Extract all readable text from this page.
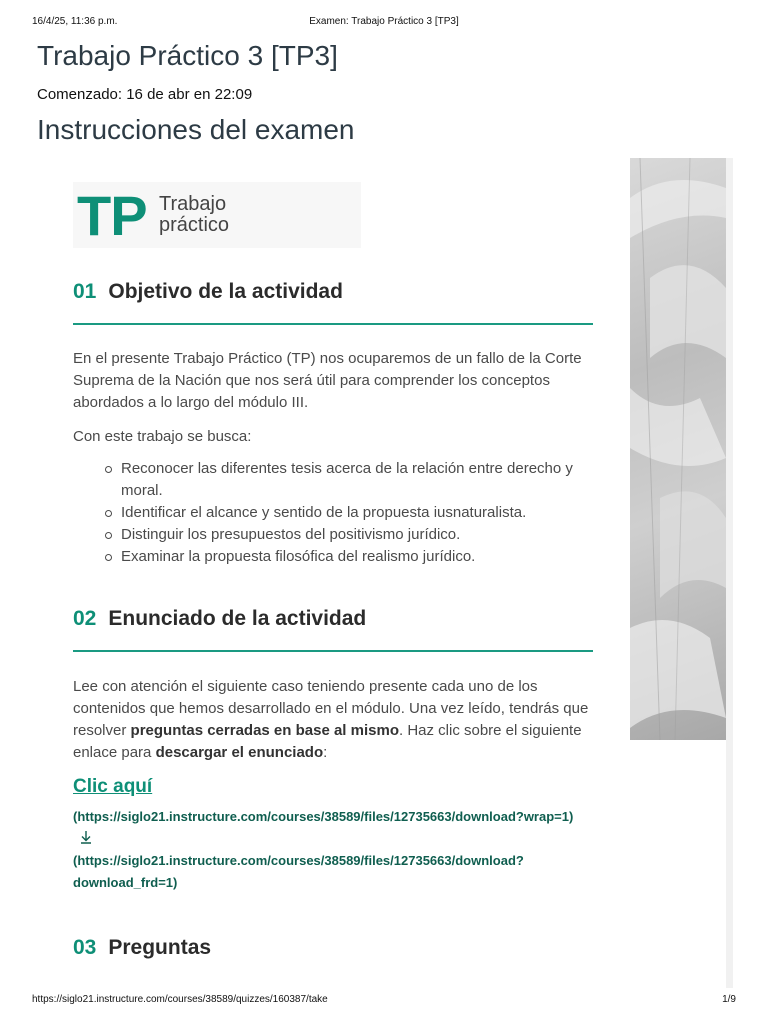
16/4/25, 11:36 p.m.	Examen: Trabajo Práctico 3 [TP3]
Trabajo Práctico 3 [TP3]

Comenzado: 16 de abr en 22:09

Instrucciones del examen
TP Trabajo
práctico
01 Objetivo de la actividad

En el presente Trabajo Práctico (TP) nos ocuparemos de un fallo de la Corte Suprema de la Nación que nos será útil para comprender los conceptos abordados a lo largo del módulo III.

Con este trabajo se busca:

Reconocer las diferentes tesis acerca de la relación entre derecho y moral.
Identificar el alcance y sentido de la propuesta iusnaturalista.
Distinguir los presupuestos del positivismo jurídico.
Examinar la propuesta filosófica del realismo jurídico.
02 Enunciado de la actividad

Lee con atención el siguiente caso teniendo presente cada uno de los contenidos que hemos desarrollado en el módulo. Una vez leído, tendrás que resolver preguntas cerradas en base al mismo. Haz clic sobre el siguiente enlace para descargar el enunciado:

Clic aquí
(https://siglo21.instructure.com/courses/38589/files/12735663/download?wrap=1)
(https://siglo21.instructure.com/courses/38589/files/12735663/download?download_frd=1)
03 Preguntas
https://siglo21.instructure.com/courses/38589/quizzes/160387/take	1/9
